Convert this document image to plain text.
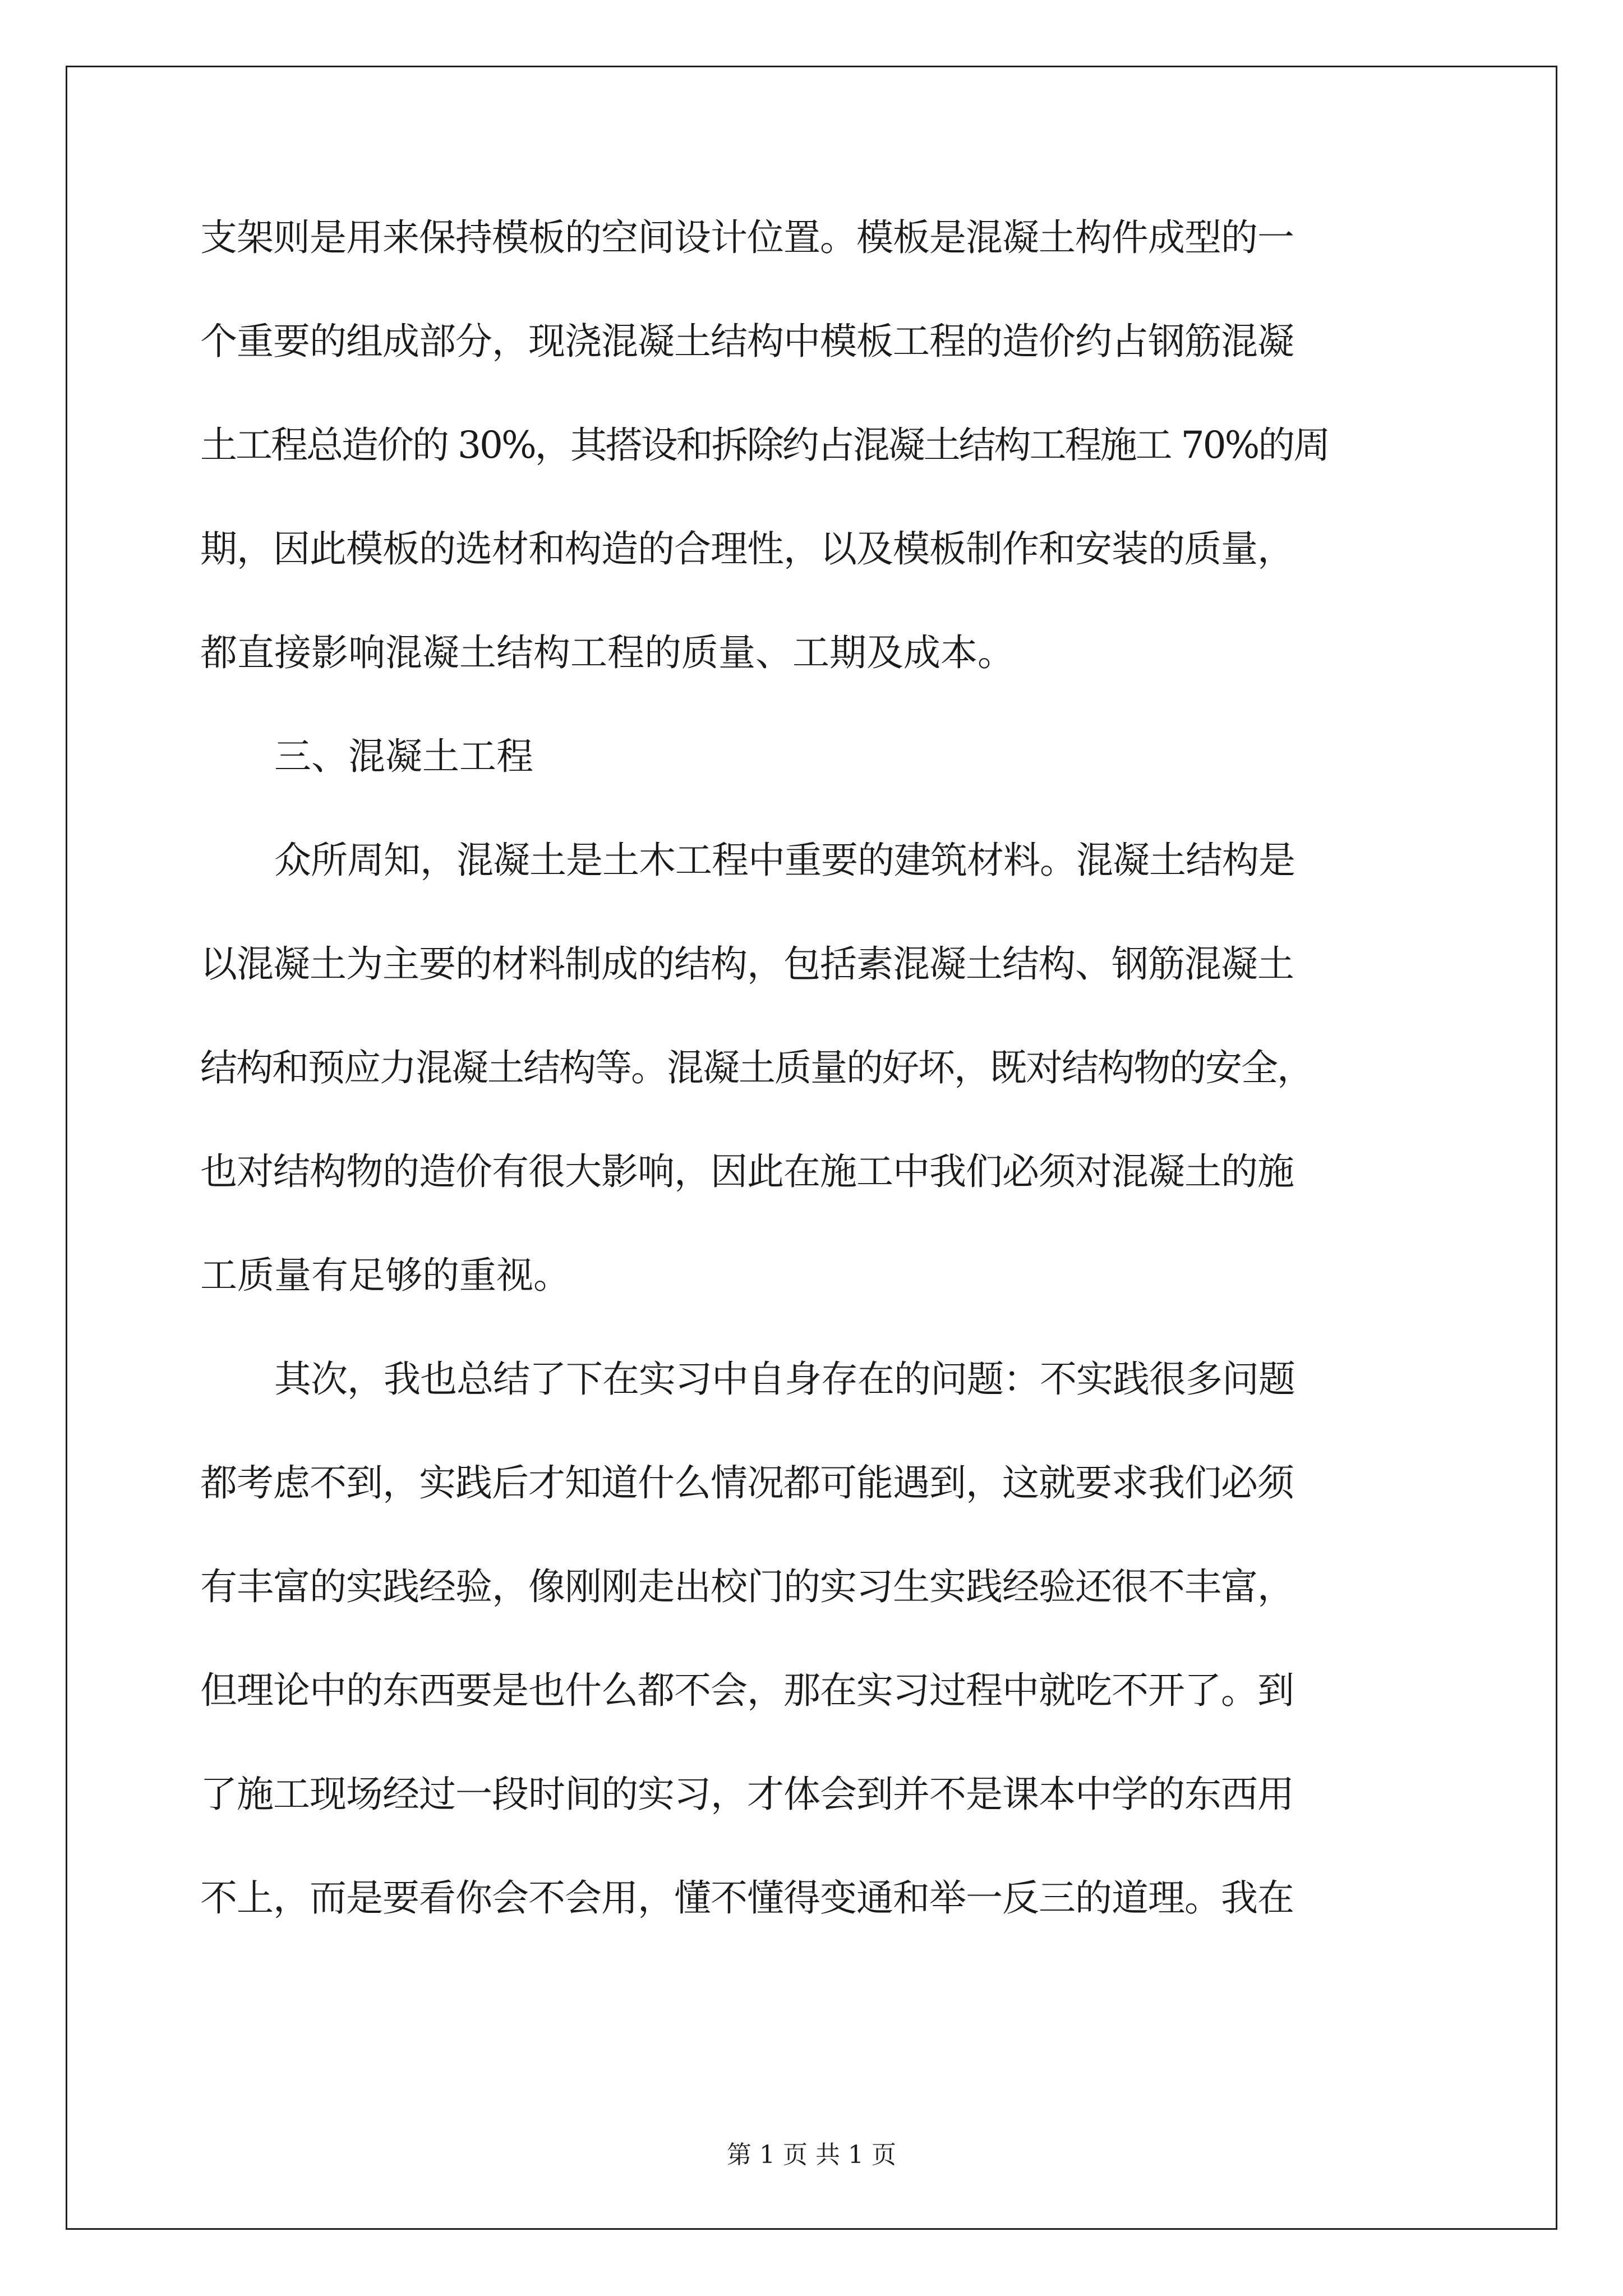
支架则是用来保持模板的空间设计位置。模板是混凝土构件成型的一
个重要的组成部分，现浇混凝土结构中模板工程的造价约占钢筋混凝
土工程总造价的 30%，其搭设和拆除约占混凝土结构工程施工 70%的周
期，因此模板的选材和构造的合理性，以及模板制作和安装的质量，
都直接影响混凝土结构工程的质量、工期及成本。
三、混凝土工程
众所周知，混凝土是土木工程中重要的建筑材料。混凝土结构是
以混凝土为主要的材料制成的结构，包括素混凝土结构、钢筋混凝土
结构和预应力混凝土结构等。混凝土质量的好坏，既对结构物的安全，
也对结构物的造价有很大影响，因此在施工中我们必须对混凝土的施
工质量有足够的重视。
其次，我也总结了下在实习中自身存在的问题：不实践很多问题
都考虑不到，实践后才知道什么情况都可能遇到，这就要求我们必须
有丰富的实践经验，像刚刚走出校门的实习生实践经验还很不丰富，
但理论中的东西要是也什么都不会，那在实习过程中就吃不开了。到
了施工现场经过一段时间的实习，才体会到并不是课本中学的东西用
不上，而是要看你会不会用，懂不懂得变通和举一反三的道理。我在
第 1 页 共 1 页
